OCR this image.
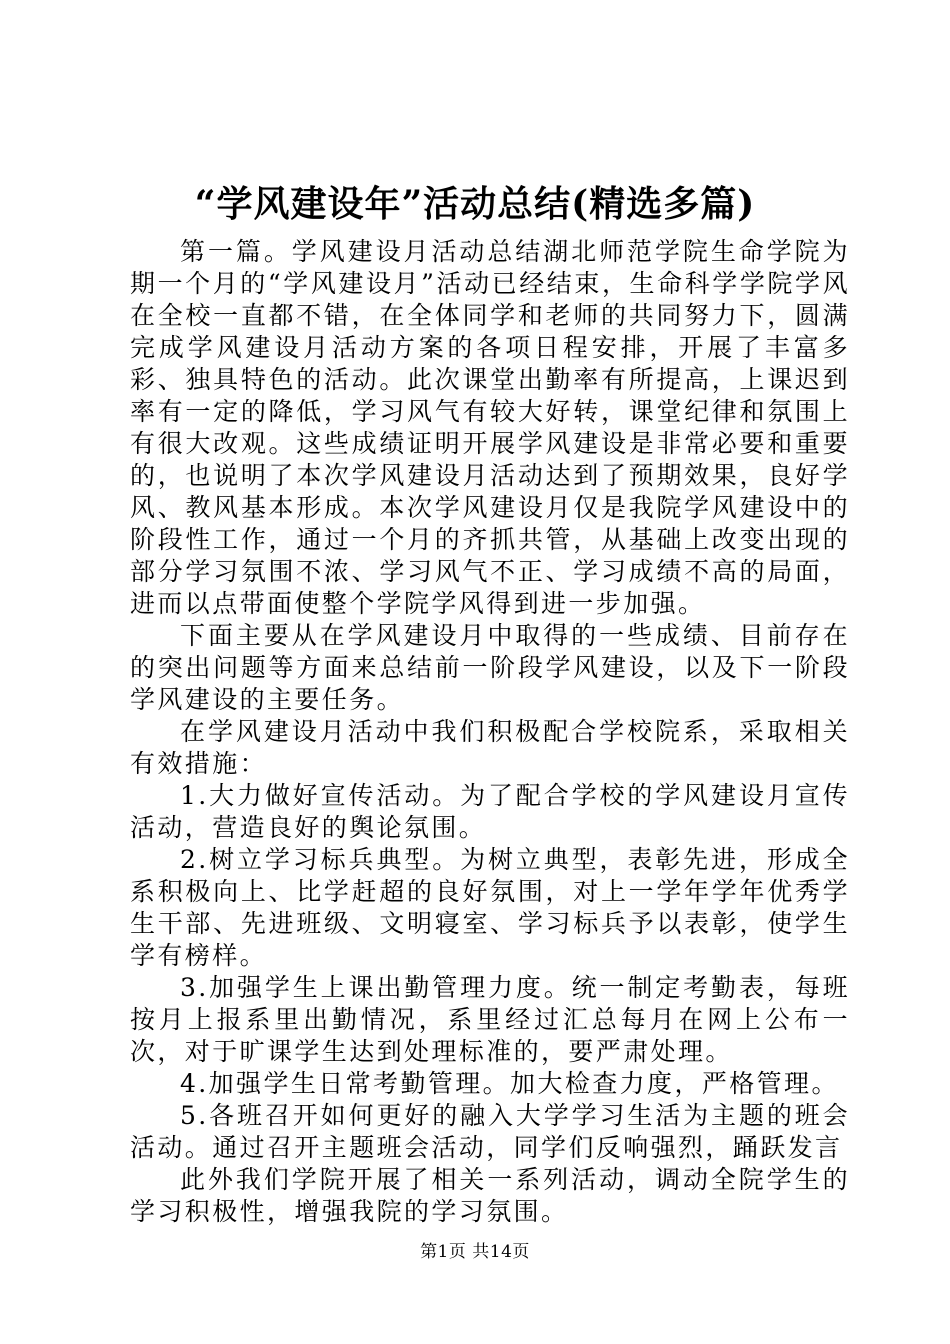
“学风建设年”活动总结(精选多篇)

第一篇。学风建设月活动总结湖北师范学院生命学院为期一个月的“学风建设月”活动已经结束，生命科学学院学风在全校一直都不错，在全体同学和老师的共同努力下，圆满完成学风建设月活动方案的各项日程安排，开展了丰富多彩、独具特色的活动。此次课堂出勤率有所提高，上课迟到率有一定的降低，学习风气有较大好转，课堂纪律和氛围上有很大改观。这些成绩证明开展学风建设是非常必要和重要的，也说明了本次学风建设月活动达到了预期效果，良好学风、教风基本形成。本次学风建设月仅是我院学风建设中的阶段性工作，通过一个月的齐抓共管，从基础上改变出现的部分学习氛围不浓、学习风气不正、学习成绩不高的局面，进而以点带面使整个学院学风得到进一步加强。

下面主要从在学风建设月中取得的一些成绩、目前存在的突出问题等方面来总结前一阶段学风建设，以及下一阶段学风建设的主要任务。

在学风建设月活动中我们积极配合学校院系，采取相关有效措施：

1.大力做好宣传活动。为了配合学校的学风建设月宣传活动，营造良好的舆论氛围。

2.树立学习标兵典型。为树立典型，表彰先进，形成全系积极向上、比学赶超的良好氛围，对上一学年学年优秀学生干部、先进班级、文明寝室、学习标兵予以表彰，使学生学有榜样。

3.加强学生上课出勤管理力度。统一制定考勤表，每班按月上报系里出勤情况，系里经过汇总每月在网上公布一次，对于旷课学生达到处理标准的，要严肃处理。

4.加强学生日常考勤管理。加大检查力度，严格管理。

5.各班召开如何更好的融入大学学习生活为主题的班会活动。通过召开主题班会活动，同学们反响强烈，踊跃发言

此外我们学院开展了相关一系列活动，调动全院学生的学习积极性，增强我院的学习氛围。

第1页 共14页
